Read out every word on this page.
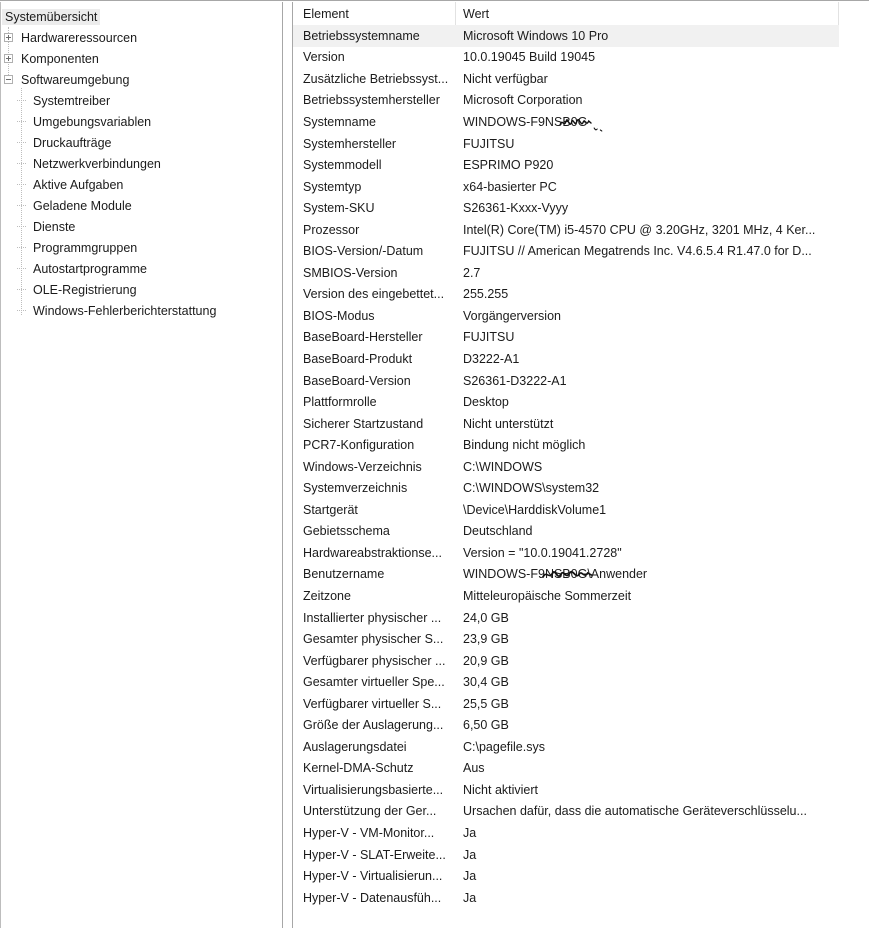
Systemübersicht
Hardwareressourcen
Komponenten
Softwareumgebung
Systemtreiber
Umgebungsvariablen
Druckaufträge
Netzwerkverbindungen
Aktive Aufgaben
Geladene Module
Dienste
Programmgruppen
Autostartprogramme
OLE-Registrierung
Windows-Fehlerberichterstattung
Element	Wert
Betriebssystemname	Microsoft Windows 10 Pro
Version	10.0.19045 Build 19045
Zusätzliche Betriebssyst...	Nicht verfügbar
Betriebssystemhersteller	Microsoft Corporation
Systemname	WINDOWS-F9NS B0G
Systemhersteller	FUJITSU
Systemmodell	ESPRIMO P920
Systemtyp	x64-basierter PC
System-SKU	S26361-Kxxx-Vyyy
Prozessor	Intel(R) Core(TM) i5-4570 CPU @ 3.20GHz, 3201 MHz, 4 Ker...
BIOS-Version/-Datum	FUJITSU // American Megatrends Inc. V4.6.5.4 R1.47.0 for D...
SMBIOS-Version	2.7
Version des eingebettet...	255.255
BIOS-Modus	Vorgängerversion
BaseBoard-Hersteller	FUJITSU
BaseBoard-Produkt	D3222-A1
BaseBoard-Version	S26361-D3222-A1
Plattformrolle	Desktop
Sicherer Startzustand	Nicht unterstützt
PCR7-Konfiguration	Bindung nicht möglich
Windows-Verzeichnis	C:\WINDOWS
Systemverzeichnis	C:\WINDOWS\system32
Startgerät	\Device\HarddiskVolume1
Gebietsschema	Deutschland
Hardwareabstraktionse...	Version = "10.0.19041.2728"
Benutzername	WINDOWS-F9 NSB0G \Anwender
Zeitzone	Mitteleuropäische Sommerzeit
Installierter physischer ...	24,0 GB
Gesamter physischer S...	23,9 GB
Verfügbarer physischer ...	20,9 GB
Gesamter virtueller Spe...	30,4 GB
Verfügbarer virtueller S...	25,5 GB
Größe der Auslagerung...	6,50 GB
Auslagerungsdatei	C:\pagefile.sys
Kernel-DMA-Schutz	Aus
Virtualisierungsbasierte...	Nicht aktiviert
Unterstützung der Ger...	Ursachen dafür, dass die automatische Geräteverschlüsselu...
Hyper-V - VM-Monitor...	Ja
Hyper-V - SLAT-Erweite...	Ja
Hyper-V - Virtualisierun...	Ja
Hyper-V - Datenausfüh...	Ja
